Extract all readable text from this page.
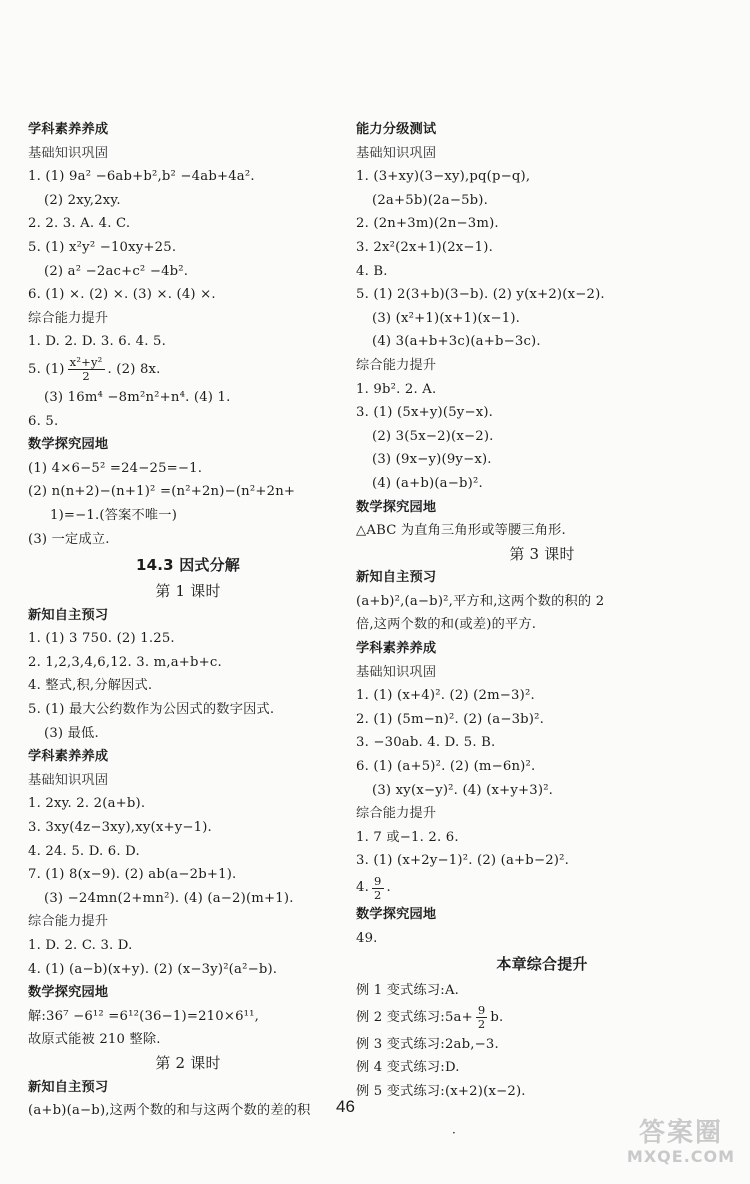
学科素养养成
基础知识巩固
1. (1) 9a² −6ab+b²,b² −4ab+4a².
(2) 2xy,2xy.
2. 2. 3. A. 4. C.
5. (1) x²y² −10xy+25.
(2) a² −2ac+c² −4b².
6. (1) ×. (2) ×. (3) ×. (4) ×.
综合能力提升
1. D. 2. D. 3. 6. 4. 5.
5. $(1) \frac{\text{x²+y²}}{2}$ . (2) 8x.
(3) 16m⁴ −8m²n²+n⁴. (4) 1.
6. 5.
数学探究园地
(1) 4×6−5² =24−25=−1.
(2) n(n+2)−(n+1)² =(n²+2n)−(n²+2n+
1)=−1.(答案不唯一)
(3) 一定成立.
14.3 因式分解
第 1 课时
新知自主预习
1. (1) 3 750. (2) 1.25.
2. 1,2,3,4,6,12. 3. m,a+b+c.
4. 整式,积,分解因式.
5. (1) 最大公约数作为公因式的数字因式.
(3) 最低.
学科素养养成
基础知识巩固
1. 2xy. 2. 2(a+b).
3. 3xy(4z−3xy),xy(x+y−1).
4. 24. 5. D. 6. D.
7. (1) 8(x−9). (2) ab(a−2b+1).
(3) −24mn(2+mn²). (4) (a−2)(m+1).
综合能力提升
1. D. 2. C. 3. D.
4. (1) (a−b)(x+y). (2) (x−3y)²(a²−b).
数学探究园地
解:36⁷ −6¹² =6¹²(36−1)=210×6¹¹,
故原式能被 210 整除.
第 2 课时
新知自主预习
(a+b)(a−b),这两个数的和与这两个数的差的积
能力分级测试
基础知识巩固
1. (3+xy)(3−xy),pq(p−q),
(2a+5b)(2a−5b).
2. (2n+3m)(2n−3m).
3. 2x²(2x+1)(2x−1).
4. B.
5. (1) 2(3+b)(3−b). (2) y(x+2)(x−2).
(3) (x²+1)(x+1)(x−1).
(4) 3(a+b+3c)(a+b−3c).
综合能力提升
1. 9b². 2. A.
3. (1) (5x+y)(5y−x).
(2) 3(5x−2)(x−2).
(3) (9x−y)(9y−x).
(4) (a+b)(a−b)².
数学探究园地
△ABC 为直角三角形或等腰三角形.
第 3 课时
新知自主预习
(a+b)²,(a−b)²,平方和,这两个数的积的 2
倍,这两个数的和(或差)的平方.
学科素养养成
基础知识巩固
1. (1) (x+4)². (2) (2m−3)².
2. (1) (5m−n)². (2) (a−3b)².
3. −30ab. 4. D. 5. B.
6. (1) (a+5)². (2) (m−6n)².
(3) xy(x−y)². (4) (x+y+3)².
综合能力提升
1. 7 或−1. 2. 6.
3. (1) (x+2y−1)². (2) (a+b−2)².
4. $\frac{9}{2}$ .
数学探究园地
49.
本章综合提升
例 1 变式练习:A.
例 2 变式练习:5a+ $\frac{9}{2} b$.
例 3 变式练习:2ab,−3.
例 4 变式练习:D.
例 5 变式练习:(x+2)(x−2).
46
·	答案圈
MXQE.COM
